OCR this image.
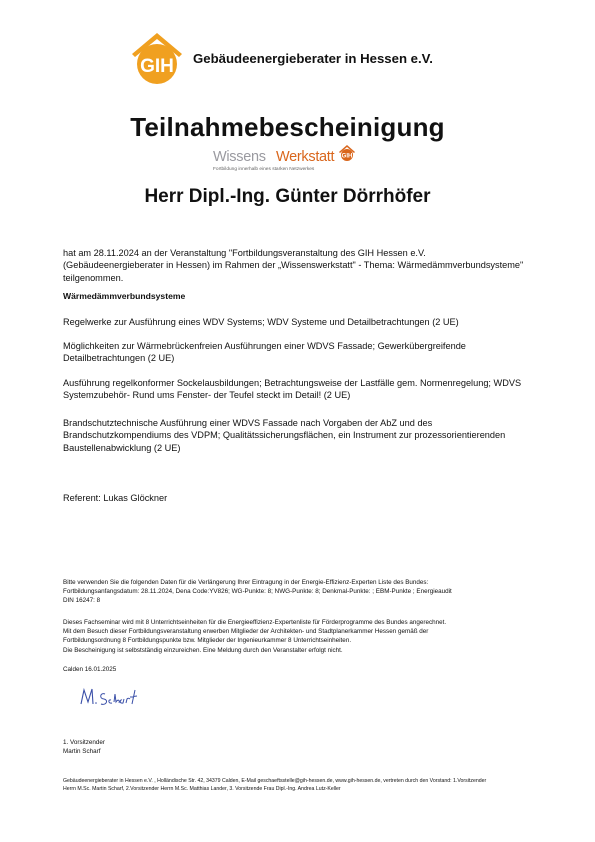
GIH Gebäudeenergieberater in Hessen e.V.
Teilnahmebescheinigung
Wissens Werkstatt GIH
Fortbildung innerhalb eines starken Netzwerkes
Herr Dipl.-Ing. Günter Dörrhöfer
hat am 28.11.2024 an der Veranstaltung "Fortbildungsveranstaltung des GIH Hessen e.V.
(Gebäudeenergieberater in Hessen) im Rahmen der „Wissenswerkstatt" - Thema: Wärmedämmverbundsysteme"
teilgenommen.
Wärmedämmverbundsysteme
Regelwerke zur Ausführung eines WDV Systems; WDV Systeme und Detailbetrachtungen (2 UE)
Möglichkeiten zur Wärmebrückenfreien Ausführungen einer WDVS Fassade; Gewerkübergreifende
Detailbetrachtungen (2 UE)
Ausführung regelkonformer Sockelausbildungen; Betrachtungsweise der Lastfälle gem. Normenregelung; WDVS
Systemzubehör- Rund ums Fenster- der Teufel steckt im Detail! (2 UE)
Brandschutztechnische Ausführung einer WDVS Fassade nach Vorgaben der AbZ und des
Brandschutzkompendiums des VDPM; Qualitätssicherungsflächen, ein Instrument zur prozessorientierenden
Baustellenabwicklung (2 UE)
Referent: Lukas Glöckner
Bitte verwenden Sie die folgenden Daten für die Verlängerung Ihrer Eintragung in der Energie-Effizienz-Experten Liste des Bundes:
Fortbildungsanfangsdatum: 28.11.2024, Dena Code:YV826; WG-Punkte: 8; NWG-Punkte: 8; Denkmal-Punkte: ; EBM-Punkte ; Energieaudit
DIN 16247: 8
Dieses Fachseminar wird mit 8 Unterrichtseinheiten für die Energieeffizienz-Expertenliste für Förderprogramme des Bundes angerechnet.
Mit dem Besuch dieser Fortbildungsveranstaltung erwerben Mitglieder der Architekten- und Stadtplanerkammer Hessen gemäß der
Fortbildungsordnung 8 Fortbildungspunkte bzw. Mitglieder der Ingenieurkammer 8 Unterrichtseinheiten.
Die Bescheinigung ist selbstständig einzureichen. Eine Meldung durch den Veranstalter erfolgt nicht.
Calden 16.01.2025
1. Vorsitzender
Martin Scharf
Gebäudeenergieberater in Hessen e.V. , Holländische Str. 42, 34379 Calden, E-Mail geschaeftsstelle@gih-hessen.de, www.gih-hessen.de, vertreten durch den Vorstand: 1.Vorsitzender
Herrn M.Sc. Martin Scharf, 2.Vorsitzender Herrn M.Sc. Matthias Lander, 3. Vorsitzende Frau Dipl.-Ing. Andrea Lutz-Keller
